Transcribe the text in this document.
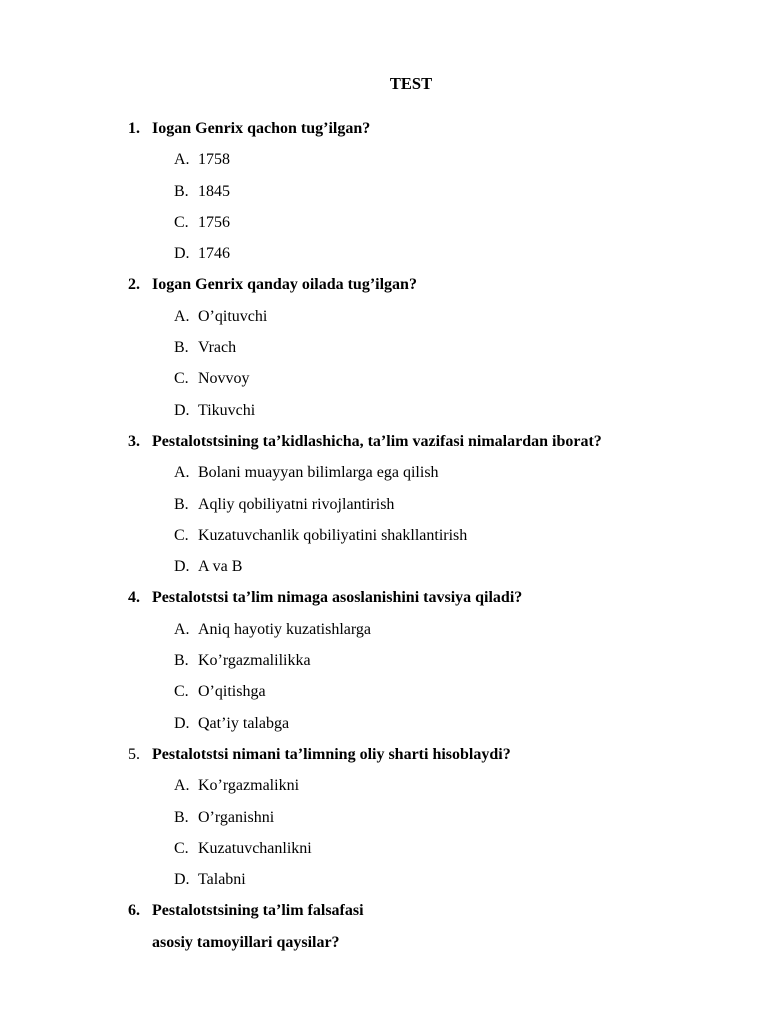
TEST
1. Iogan Genrix qachon tug’ilgan?
A. 1758
B. 1845
C. 1756
D. 1746
2. Iogan Genrix qanday oilada tug’ilgan?
A. O’qituvchi
B. Vrach
C. Novvoy
D. Tikuvchi
3. Pestalotstsining ta’kidlashicha, ta’lim vazifasi nimalardan iborat?
A. Bolani muayyan bilimlarga ega qilish
B. Aqliy qobiliyatni rivojlantirish
C. Kuzatuvchanlik qobiliyatini shakllantirish
D. A va B
4. Pestalotstsi ta’lim nimaga asoslanishini tavsiya qiladi?
A. Aniq hayotiy kuzatishlarga
B. Ko’rgazmalilikka
C. O’qitishga
D. Qat’iy talabga
5. Pestalotstsi nimani ta’limning oliy sharti hisoblaydi?
A. Ko’rgazmalikni
B. O’rganishni
C. Kuzatuvchanlikni
D. Talabni
6. Pestalotstsining ta’lim falsafasi
asosiy tamoyillari qaysilar?
